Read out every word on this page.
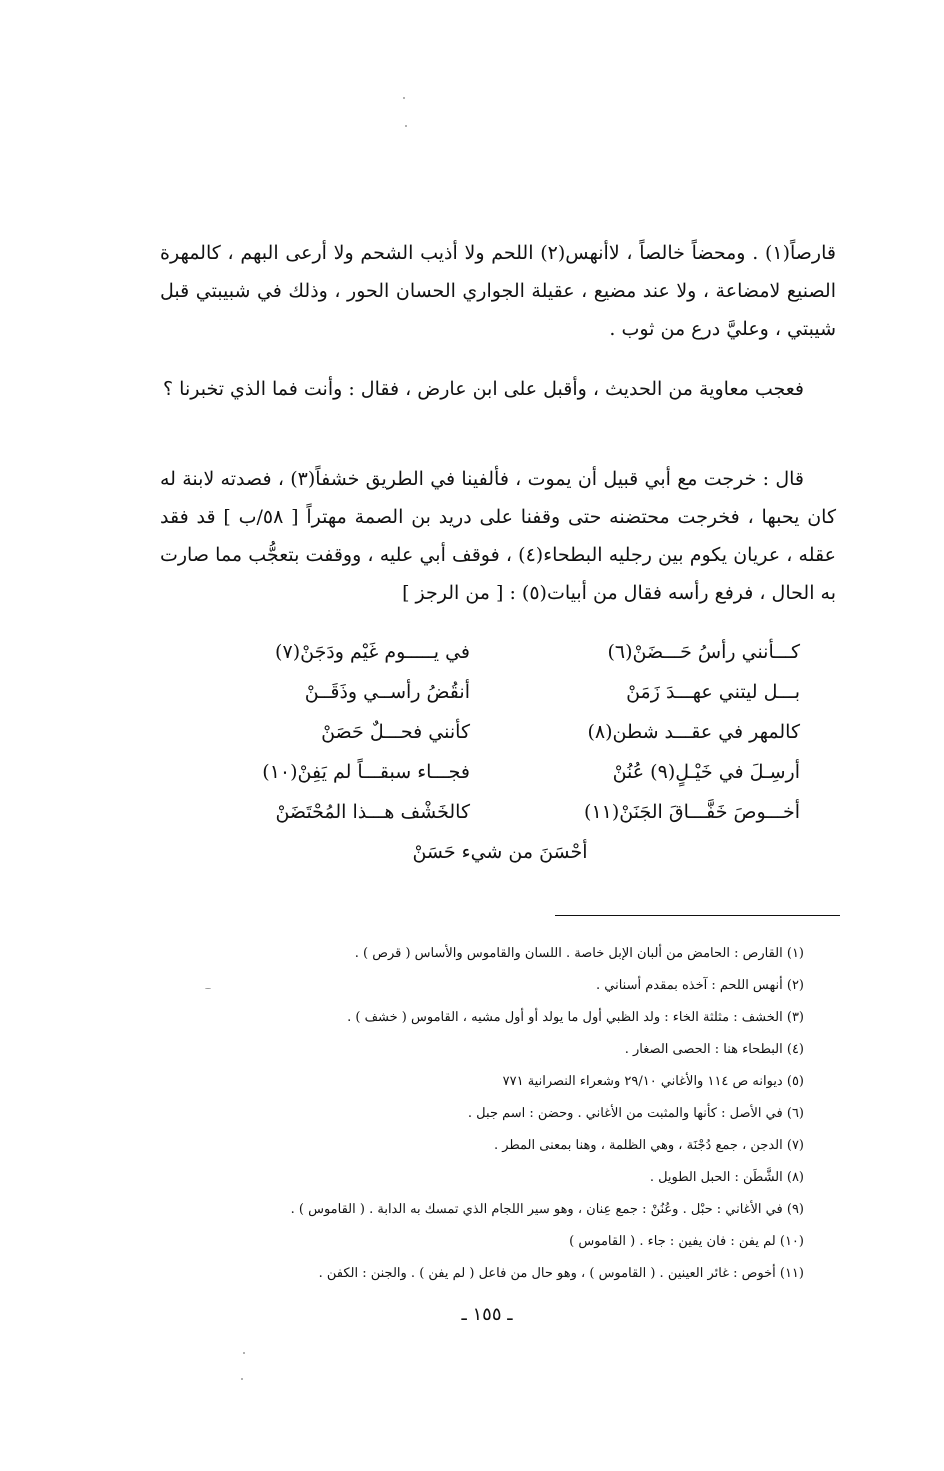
قارصاً(١) . ومحضاً خالصاً ، لاأنهس(٢) اللحم ولا أذيب الشحم ولا أرعى البهم ، كالمهرة الصنيع لامضاعة ، ولا عند مضيع ، عقيلة الجواري الحسان الحور ، وذلك في شبيبتي قبل شيبتي ، وعليَّ درع من ثوب .

فعجب معاوية من الحديث ، وأقبل على ابن عارض ، فقال : وأنت فما الذي تخبرنا ؟

قال : خرجت مع أبي قبيل أن يموت ، فألفينا في الطريق خشفاً(٣) ، فصدته لابنة له كان يحبها ، فخرجت محتضنه حتى وقفنا على دريد بن الصمة مهتراً [ ٥٨/ب ] قد فقد عقله ، عريان يكوم بين رجليه البطحاء(٤) ، فوقف أبي عليه ، ووقفت بتعجُّب مما صارت به الحال ، فرفع رأسه فقال من أبيات(٥) : [ من الرجز ]

كـــأنني رأسُ حَـــضَنْ(٦)
في يـــــوم غَيْم ودَجَنْ(٧)
بـــل ليتني عهـــدَ زَمَنْ
أنقُضُ رأســي وذَقَــنْ
كالمهر في عقـــد شطن(٨)
كأنني فحـــلٌ حَصَنْ
أرسِـلَ في خَيْـلٍ(٩) عُنُنْ
فجـــاء سبقـــاً لم يَفِنْ(١٠)
أخـــوصَ خَفَّـــاقَ الجَنَنْ(١١)
كالخَشْف هـــذا المُحْتَضَنْ
أحْسَنَ من شيء حَسَنْ
(١) القارص : الحامض من ألبان الإبل خاصة . اللسان والقاموس والأساس ( قرص ) .
(٢) أنهس اللحم : آخذه بمقدم أسناني .
(٣) الخشف : مثلثة الخاء : ولد الظبي أول ما يولد أو أول مشيه ، القاموس ( خشف ) .
(٤) البطحاء هنا : الحصى الصغار .
(٥) ديوانه ص ١١٤ والأغاني ٢٩/١٠ وشعراء النصرانية ٧٧١
(٦) في الأصل : كأنها والمثبت من الأغاني . وحضن : اسم جبل .
(٧) الدجن ، جمع دُجْنَة ، وهي الظلمة ، وهنا بمعنى المطر .
(٨) الشَّطَن : الحبل الطويل .
(٩) في الأغاني : حبْل . وعُنُنْ : جمع عِنان ، وهو سير اللجام الذي تمسك به الدابة . ( القاموس ) .
(١٠) لم يفن : فان يفين : جاء . ( القاموس )
(١١) أخوص : غائر العينين . ( القاموس ) ، وهو حال من فاعل ( لم يفن ) . والجنن : الكفن .
ـ ١٥٥ ـ
